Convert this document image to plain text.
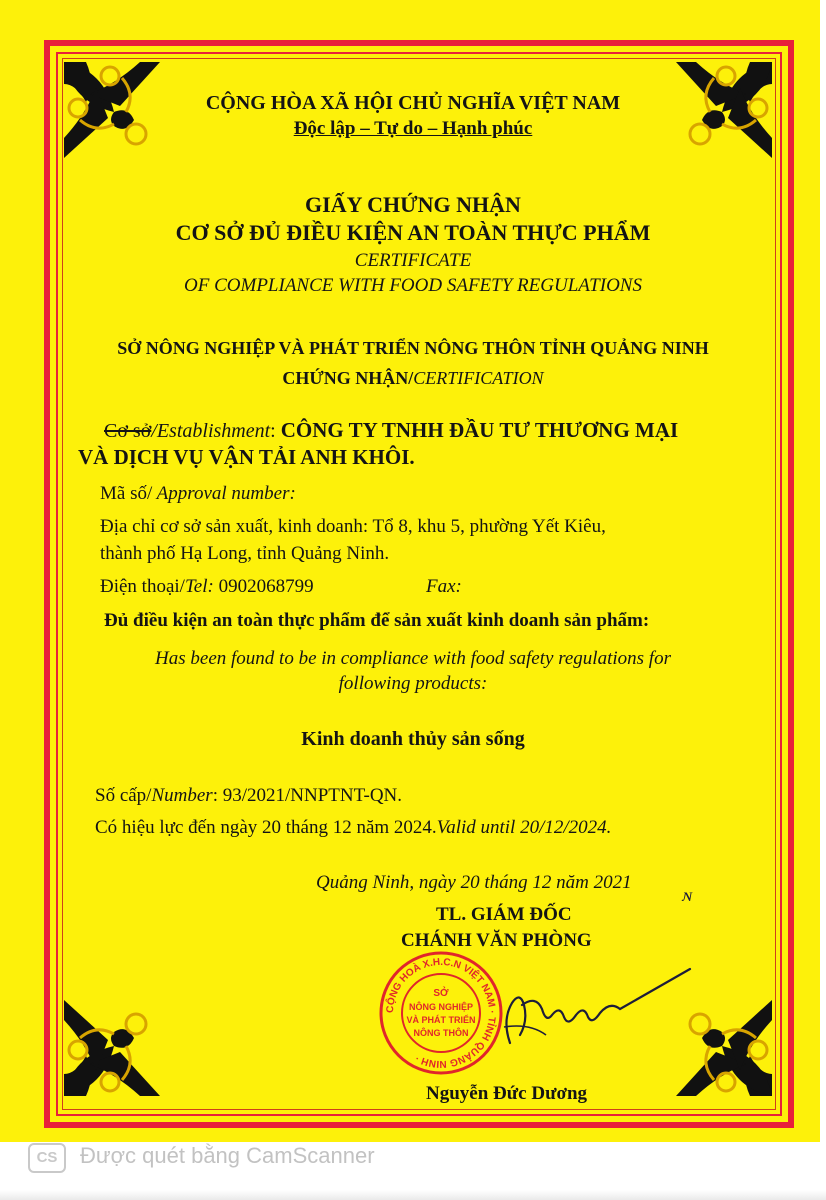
CỘNG HÒA XÃ HỘI CHỦ NGHĨA VIỆT NAM
Độc lập – Tự do – Hạnh phúc
GIẤY CHỨNG NHẬN
CƠ SỞ ĐỦ ĐIỀU KIỆN AN TOÀN THỰC PHẨM
CERTIFICATE
OF COMPLIANCE WITH FOOD SAFETY REGULATIONS
SỞ NÔNG NGHIỆP VÀ PHÁT TRIỂN NÔNG THÔN TỈNH QUẢNG NINH
CHỨNG NHẬN/CERTIFICATION
Cơ sở/Establishment: CÔNG TY TNHH ĐẦU TƯ THƯƠNG MẠI
VÀ DỊCH VỤ VẬN TẢI ANH KHÔI.
Mã số/ Approval number:
Địa chỉ cơ sở sản xuất, kinh doanh: Tổ 8, khu 5, phường Yết Kiêu,
thành phố Hạ Long, tỉnh Quảng Ninh.
Điện thoại/Tel: 0902068799	Fax:
Đủ điều kiện an toàn thực phẩm để sản xuất kinh doanh sản phẩm:
Has been found to be in compliance with food safety regulations for
following products:
Kinh doanh thủy sản sống
Số cấp/Number: 93/2021/NNPTNT-QN.
Có hiệu lực đến ngày 20 tháng 12 năm 2024.Valid until 20/12/2024.
Quảng Ninh, ngày 20 tháng 12 năm 2021
ɴ
TL. GIÁM ĐỐC
CHÁNH VĂN PHÒNG
CỘNG HOÀ X.H.C.N VIỆT NAM · TỈNH QUẢNG NINH ·
SỞ
NÔNG NGHIỆP
VÀ PHÁT TRIỂN
NÔNG THÔN
Nguyễn Đức Dương
CS	Được quét bằng CamScanner
